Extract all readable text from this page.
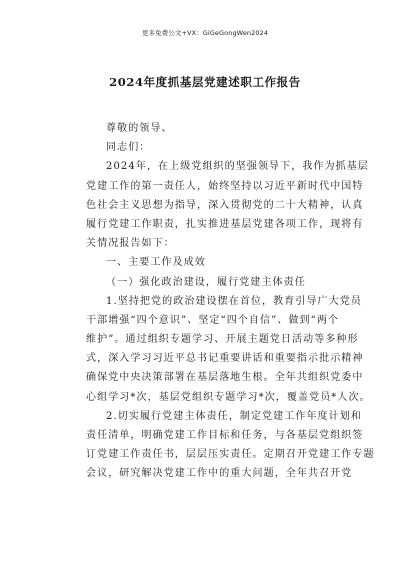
更多免费公文+VX：GiGeGongWen2024
2024年度抓基层党建述职工作报告
尊敬的领导、
同志们：
2024年，在上级党组织的坚强领导下，我作为抓基层
党建工作的第一责任人，始终坚持以习近平新时代中国特
色社会主义思想为指导，深入贯彻党的二十大精神，认真
履行党建工作职责，扎实推进基层党建各项工作，现将有
关情况报告如下：
一、主要工作及成效
（一）强化政治建设，履行党建主体责任
1.坚持把党的政治建设摆在首位，教育引导广大党员
干部增强“四个意识”、坚定“四个自信”、做到“两个
维护”。通过组织专题学习、开展主题党日活动等多种形
式，深入学习习近平总书记重要讲话和重要指示批示精神
确保党中央决策部署在基层落地生根。全年共组织党委中
心组学习*次，基层党组织专题学习*次，覆盖党员*人次。
2.切实履行党建主体责任，制定党建工作年度计划和
责任清单，明确党建工作目标和任务，与各基层党组织签
订党建工作责任书，层层压实责任。定期召开党建工作专题
会议，研究解决党建工作中的重大问题，全年共召开党
